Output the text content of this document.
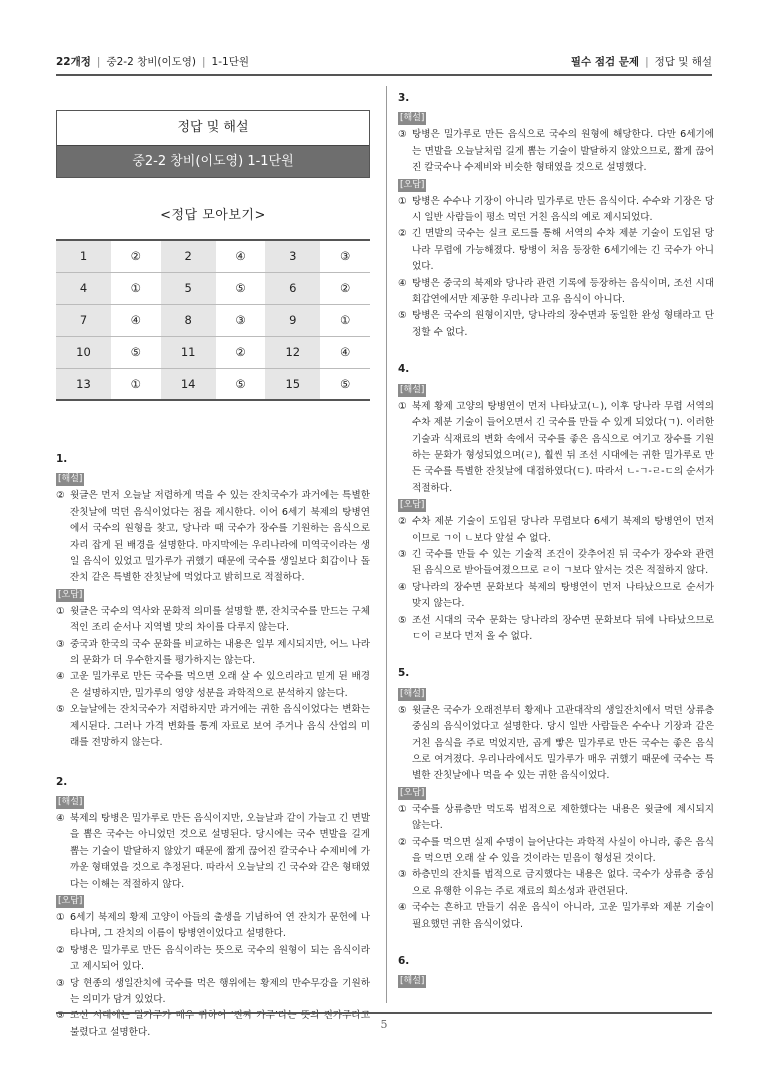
22개정 | 중2-2 창비(이도영) | 1-1단원	필수 점검 문제 | 정답 및 해설
정답 및 해설
중2-2 창비(이도영) 1-1단원
<정답 모아보기>
1	②	2	④	3	③
4	①	5	⑤	6	②
7	④	8	③	9	①
10	⑤	11	②	12	④
13	①	14	⑤	15	⑤
1.
[해설]
② 윗글은 먼저 오늘날 저렴하게 먹을 수 있는 잔치국수가 과거에는 특별한 잔칫날에 먹던 음식이었다는 점을 제시한다. 이어 6세기 북제의 탕병연에서 국수의 원형을 찾고, 당나라 때 국수가 장수를 기원하는 음식으로 자리 잡게 된 배경을 설명한다. 마지막에는 우리나라에 미역국이라는 생일 음식이 있었고 밀가루가 귀했기 때문에 국수를 생일보다 회갑이나 돌잔치 같은 특별한 잔칫날에 먹었다고 밝히므로 적절하다.
[오답]
① 윗글은 국수의 역사와 문화적 의미를 설명할 뿐, 잔치국수를 만드는 구체적인 조리 순서나 지역별 맛의 차이를 다루지 않는다.
③ 중국과 한국의 국수 문화를 비교하는 내용은 일부 제시되지만, 어느 나라의 문화가 더 우수한지를 평가하지는 않는다.
④ 고운 밀가루로 만든 국수를 먹으면 오래 살 수 있으리라고 믿게 된 배경은 설명하지만, 밀가루의 영양 성분을 과학적으로 분석하지 않는다.
⑤ 오늘날에는 잔치국수가 저렴하지만 과거에는 귀한 음식이었다는 변화는 제시된다. 그러나 가격 변화를 통계 자료로 보여 주거나 음식 산업의 미래를 전망하지 않는다.
2.
[해설]
④ 북제의 탕병은 밀가루로 만든 음식이지만, 오늘날과 같이 가늘고 긴 면발을 뽑은 국수는 아니었던 것으로 설명된다. 당시에는 국수 면발을 길게 뽑는 기술이 발달하지 않았기 때문에 짧게 끊어진 칼국수나 수제비에 가까운 형태였을 것으로 추정된다. 따라서 오늘날의 긴 국수와 같은 형태였다는 이해는 적절하지 않다.
[오답]
① 6세기 북제의 황제 고양이 아들의 출생을 기념하여 연 잔치가 문헌에 나타나며, 그 잔치의 이름이 탕병연이었다고 설명한다.
② 탕병은 밀가루로 만든 음식이라는 뜻으로 국수의 원형이 되는 음식이라고 제시되어 있다.
③ 당 현종의 생일잔치에 국수를 먹은 행위에는 황제의 만수무강을 기원하는 의미가 담겨 있었다.
⑤ 조선 시대에는 밀가루가 매우 귀하여 ‘진짜 가루’라는 뜻의 진가루라고 불렸다고 설명한다.
3.
[해설]
③ 탕병은 밀가루로 만든 음식으로 국수의 원형에 해당한다. 다만 6세기에는 면발을 오늘날처럼 길게 뽑는 기술이 발달하지 않았으므로, 짧게 끊어진 칼국수나 수제비와 비슷한 형태였을 것으로 설명했다.
[오답]
① 탕병은 수수나 기장이 아니라 밀가루로 만든 음식이다. 수수와 기장은 당시 일반 사람들이 평소 먹던 거친 음식의 예로 제시되었다.
② 긴 면발의 국수는 실크 로드를 통해 서역의 수차 제분 기술이 도입된 당나라 무렵에 가능해졌다. 탕병이 처음 등장한 6세기에는 긴 국수가 아니었다.
④ 탕병은 중국의 북제와 당나라 관련 기록에 등장하는 음식이며, 조선 시대 회갑연에서만 제공한 우리나라 고유 음식이 아니다.
⑤ 탕병은 국수의 원형이지만, 당나라의 장수면과 동일한 완성 형태라고 단정할 수 없다.
4.
[해설]
① 북제 황제 고양의 탕병연이 먼저 나타났고(ㄴ), 이후 당나라 무렵 서역의 수차 제분 기술이 들어오면서 긴 국수를 만들 수 있게 되었다(ㄱ). 이러한 기술과 식재료의 변화 속에서 국수를 좋은 음식으로 여기고 장수를 기원하는 문화가 형성되었으며(ㄹ), 훨씬 뒤 조선 시대에는 귀한 밀가루로 만든 국수를 특별한 잔칫날에 대접하였다(ㄷ). 따라서 ㄴ-ㄱ-ㄹ-ㄷ의 순서가 적절하다.
[오답]
② 수차 제분 기술이 도입된 당나라 무렵보다 6세기 북제의 탕병연이 먼저이므로 ㄱ이 ㄴ보다 앞설 수 없다.
③ 긴 국수를 만들 수 있는 기술적 조건이 갖추어진 뒤 국수가 장수와 관련된 음식으로 받아들여졌으므로 ㄹ이 ㄱ보다 앞서는 것은 적절하지 않다.
④ 당나라의 장수면 문화보다 북제의 탕병연이 먼저 나타났으므로 순서가 맞지 않는다.
⑤ 조선 시대의 국수 문화는 당나라의 장수면 문화보다 뒤에 나타났으므로 ㄷ이 ㄹ보다 먼저 올 수 없다.
5.
[해설]
⑤ 윗글은 국수가 오래전부터 황제나 고관대작의 생일잔치에서 먹던 상류층 중심의 음식이었다고 설명한다. 당시 일반 사람들은 수수나 기장과 같은 거친 음식을 주로 먹었지만, 곱게 빻은 밀가루로 만든 국수는 좋은 음식으로 여겨졌다. 우리나라에서도 밀가루가 매우 귀했기 때문에 국수는 특별한 잔칫날에나 먹을 수 있는 귀한 음식이었다.
[오답]
① 국수를 상류층만 먹도록 법적으로 제한했다는 내용은 윗글에 제시되지 않는다.
② 국수를 먹으면 실제 수명이 늘어난다는 과학적 사실이 아니라, 좋은 음식을 먹으면 오래 살 수 있을 것이라는 믿음이 형성된 것이다.
③ 하층민의 잔치를 법적으로 금지했다는 내용은 없다. 국수가 상류층 중심으로 유행한 이유는 주로 재료의 희소성과 관련된다.
④ 국수는 흔하고 만들기 쉬운 음식이 아니라, 고운 밀가루와 제분 기술이 필요했던 귀한 음식이었다.
6.
[해설]
5
